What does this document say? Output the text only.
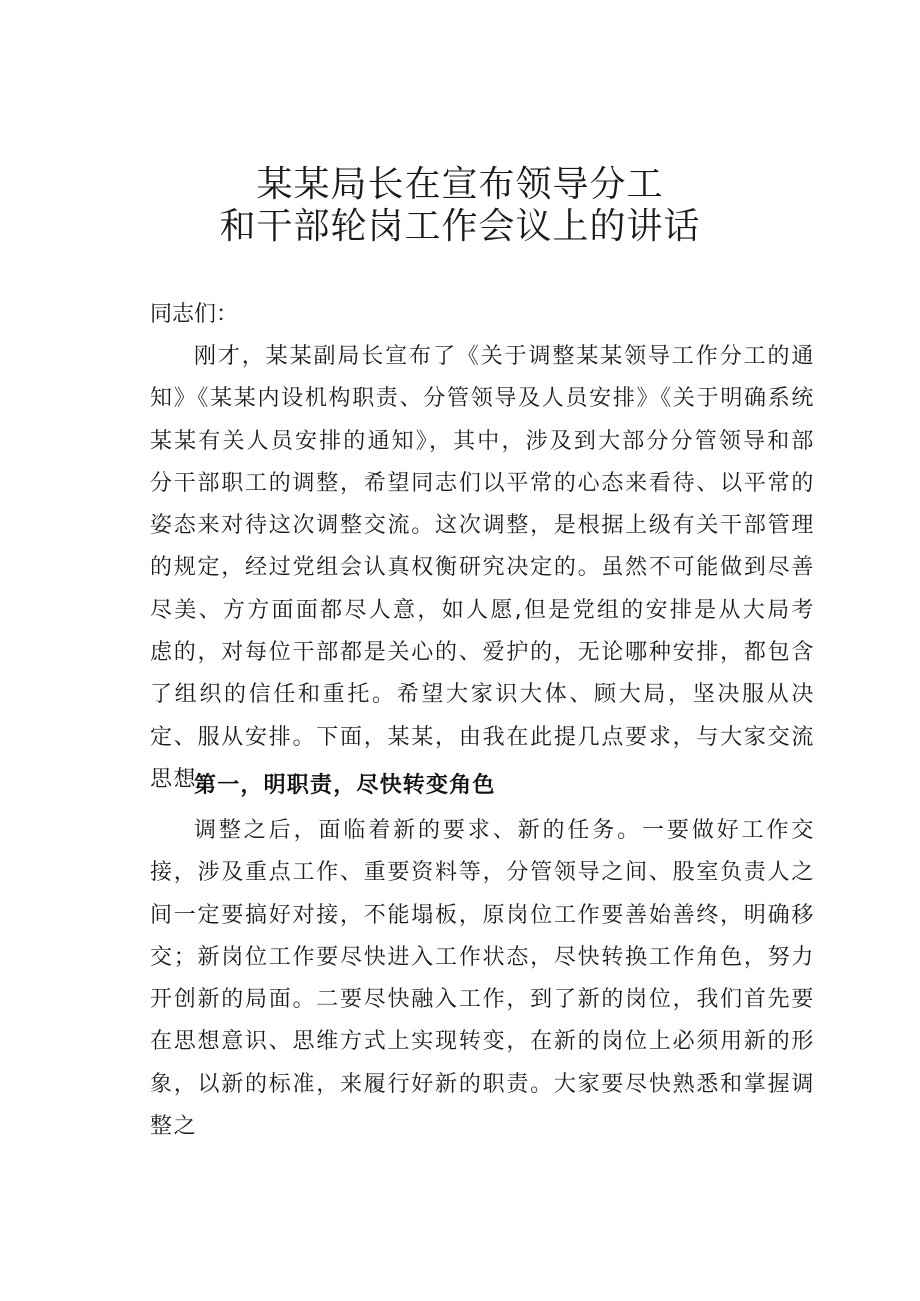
某某局长在宣布领导分工
和干部轮岗工作会议上的讲话
同志们：

刚才，某某副局长宣布了《关于调整某某领导工作分工的通知》《某某内设机构职责、分管领导及人员安排》《关于明确系统某某有关人员安排的通知》，其中，涉及到大部分分管领导和部分干部职工的调整，希望同志们以平常的心态来看待、以平常的姿态来对待这次调整交流。这次调整，是根据上级有关干部管理的规定，经过党组会认真权衡研究决定的。虽然不可能做到尽善尽美、方方面面都尽人意，如人愿,但是党组的安排是从大局考虑的，对每位干部都是关心的、爱护的，无论哪种安排，都包含了组织的信任和重托。希望大家识大体、顾大局，坚决服从决定、服从安排。下面，某某，由我在此提几点要求，与大家交流思想。

第一，明职责，尽快转变角色

调整之后，面临着新的要求、新的任务。一要做好工作交接，涉及重点工作、重要资料等，分管领导之间、股室负责人之间一定要搞好对接，不能塌板，原岗位工作要善始善终，明确移交；新岗位工作要尽快进入工作状态，尽快转换工作角色，努力开创新的局面。二要尽快融入工作，到了新的岗位，我们首先要在思想意识、思维方式上实现转变，在新的岗位上必须用新的形象，以新的标准，来履行好新的职责。大家要尽快熟悉和掌握调整之
